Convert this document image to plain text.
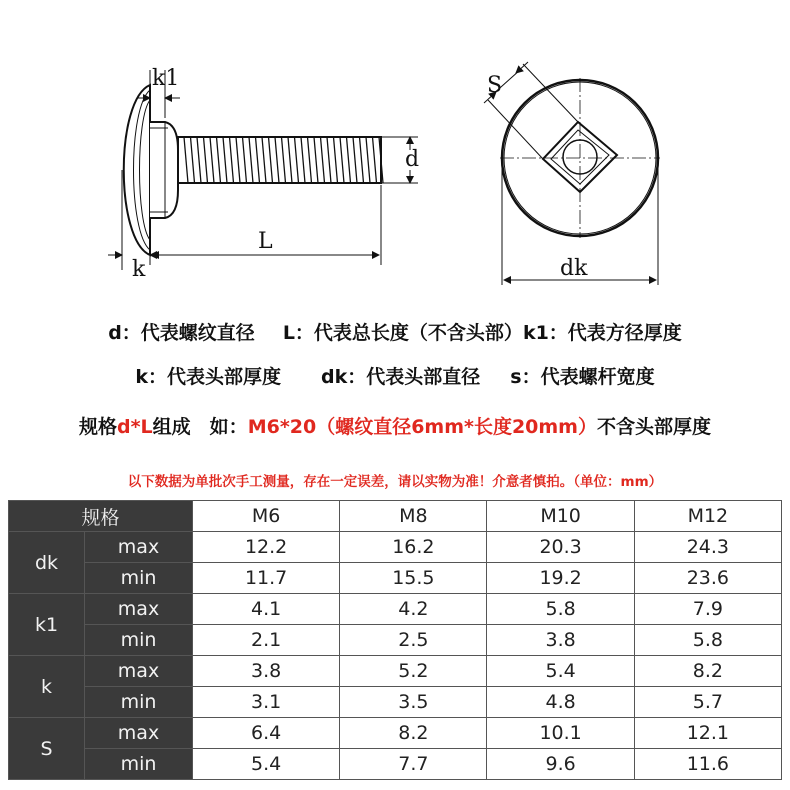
k1
d
L
k
S
dk
d：代表螺纹直径 L：代表总长度（不含头部）k1：代表方径厚度
k：代表头部厚度 dk：代表头部直径 s：代表螺杆宽度
规格d*L组成　如：M6*20（螺纹直径6mm*长度20mm）不含头部厚度
以下数据为单批次手工测量，存在一定误差，请以实物为准！介意者慎拍。（单位：mm）
规格		M6	M8	M10	M12
dk	max	12.2	16.2	20.3	24.3
	min	11.7	15.5	19.2	23.6
k1	max	4.1	4.2	5.8	7.9
	min	2.1	2.5	3.8	5.8
k	max	3.8	5.2	5.4	8.2
	min	3.1	3.5	4.8	5.7
S	max	6.4	8.2	10.1	12.1
	min	5.4	7.7	9.6	11.6
